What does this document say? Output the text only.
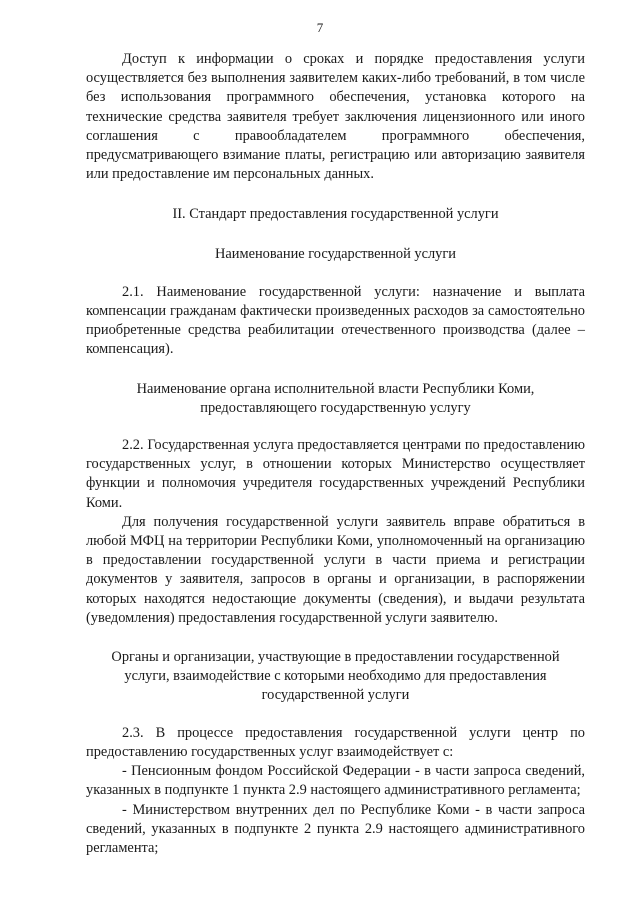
7

Доступ к информации о сроках и порядке предоставления услуги осуществляется без выполнения заявителем каких-либо требований, в том числе без использования программного обеспечения, установка которого на технические средства заявителя требует заключения лицензионного или иного соглашения с правообладателем программного обеспечения, предусматривающего взимание платы, регистрацию или авторизацию заявителя или предоставление им персональных данных.

II. Стандарт предоставления государственной услуги

Наименование государственной услуги

2.1. Наименование государственной услуги: назначение и выплата компенсации гражданам фактически произведенных расходов за самостоятельно приобретенные средства реабилитации отечественного производства (далее – компенсация).

Наименование органа исполнительной власти Республики Коми,
предоставляющего государственную услугу

2.2. Государственная услуга предоставляется центрами по предоставлению государственных услуг, в отношении которых Министерство осуществляет функции и полномочия учредителя государственных учреждений Республики Коми.

Для получения государственной услуги заявитель вправе обратиться в любой МФЦ на территории Республики Коми, уполномоченный на организацию в предоставлении государственной услуги в части приема и регистрации документов у заявителя, запросов в органы и организации, в распоряжении которых находятся недостающие документы (сведения), и выдачи результата (уведомления) предоставления государственной услуги заявителю.

Органы и организации, участвующие в предоставлении государственной
услуги, взаимодействие с которыми необходимо для предоставления
государственной услуги

2.3. В процессе предоставления государственной услуги центр по предоставлению государственных услуг взаимодействует с:

- Пенсионным фондом Российской Федерации - в части запроса сведений, указанных в подпункте 1 пункта 2.9 настоящего административного регламента;

- Министерством внутренних дел по Республике Коми - в части запроса сведений, указанных в подпункте 2 пункта 2.9 настоящего административного регламента;
